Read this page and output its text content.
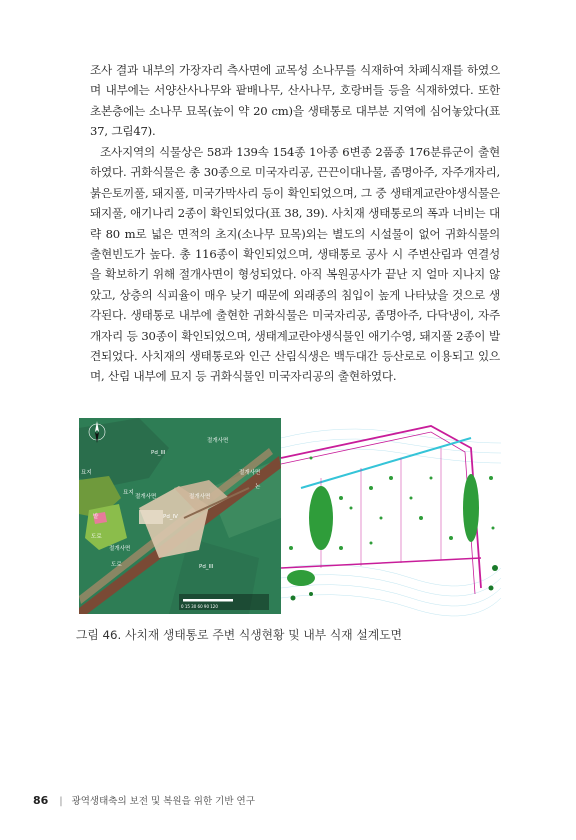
조사 결과 내부의 가장자리 측사면에 교목성 소나무를 식재하여 차폐식재를 하였으며 내부에는 서양산사나무와 팥배나무, 산사나무, 호랑버들 등을 식재하였다. 또한 초본층에는 소나무 묘목(높이 약 20 cm)을 생태통로 대부분 지역에 심어놓았다(표 37, 그림47).

조사지역의 식물상은 58과 139속 154종 1아종 6변종 2품종 176분류군이 출현하였다. 귀화식물은 총 30종으로 미국자리공, 끈끈이대나물, 좀명아주, 자주개자리, 붉은토끼풀, 돼지풀, 미국가막사리 등이 확인되었으며, 그 중 생태계교란야생식물은 돼지풀, 애기나리 2종이 확인되었다(표 38, 39). 사치재 생태통로의 폭과 너비는 대략 80 m로 넓은 면적의 초지(소나무 묘목)외는 별도의 시설물이 없어 귀화식물의 출현빈도가 높다. 총 116종이 확인되었으며, 생태통로 공사 시 주변산림과 연결성을 확보하기 위해 절개사면이 형성되었다. 아직 복원공사가 끝난 지 얼마 지나지 않았고, 상층의 식피율이 매우 낮기 때문에 외래종의 침입이 높게 나타났을 것으로 생각된다. 생태통로 내부에 출현한 귀화식물은 미국자리공, 좀명아주, 다닥냉이, 자주개자리 등 30종이 확인되었으며, 생태계교란야생식물인 애기수영, 돼지풀 2종이 발견되었다. 사치재의 생태통로와 인근 산림식생은 백두대간 등산로로 이용되고 있으며, 산림 내부에 묘지 등 귀화식물인 미국자리공의 출현하였다.

N
Pd_III
절개사면
절개사면
절개사면	절개사면
절개사면
밭
묘지
묘지
Pd_IV
Pd_III
도로
도로
논
0 15 30 60 90 120

그림 46. 사치재 생태통로 주변 식생현황 및 내부 식재 설계도면

86 | 광역생태축의 보전 및 복원을 위한 기반 연구
